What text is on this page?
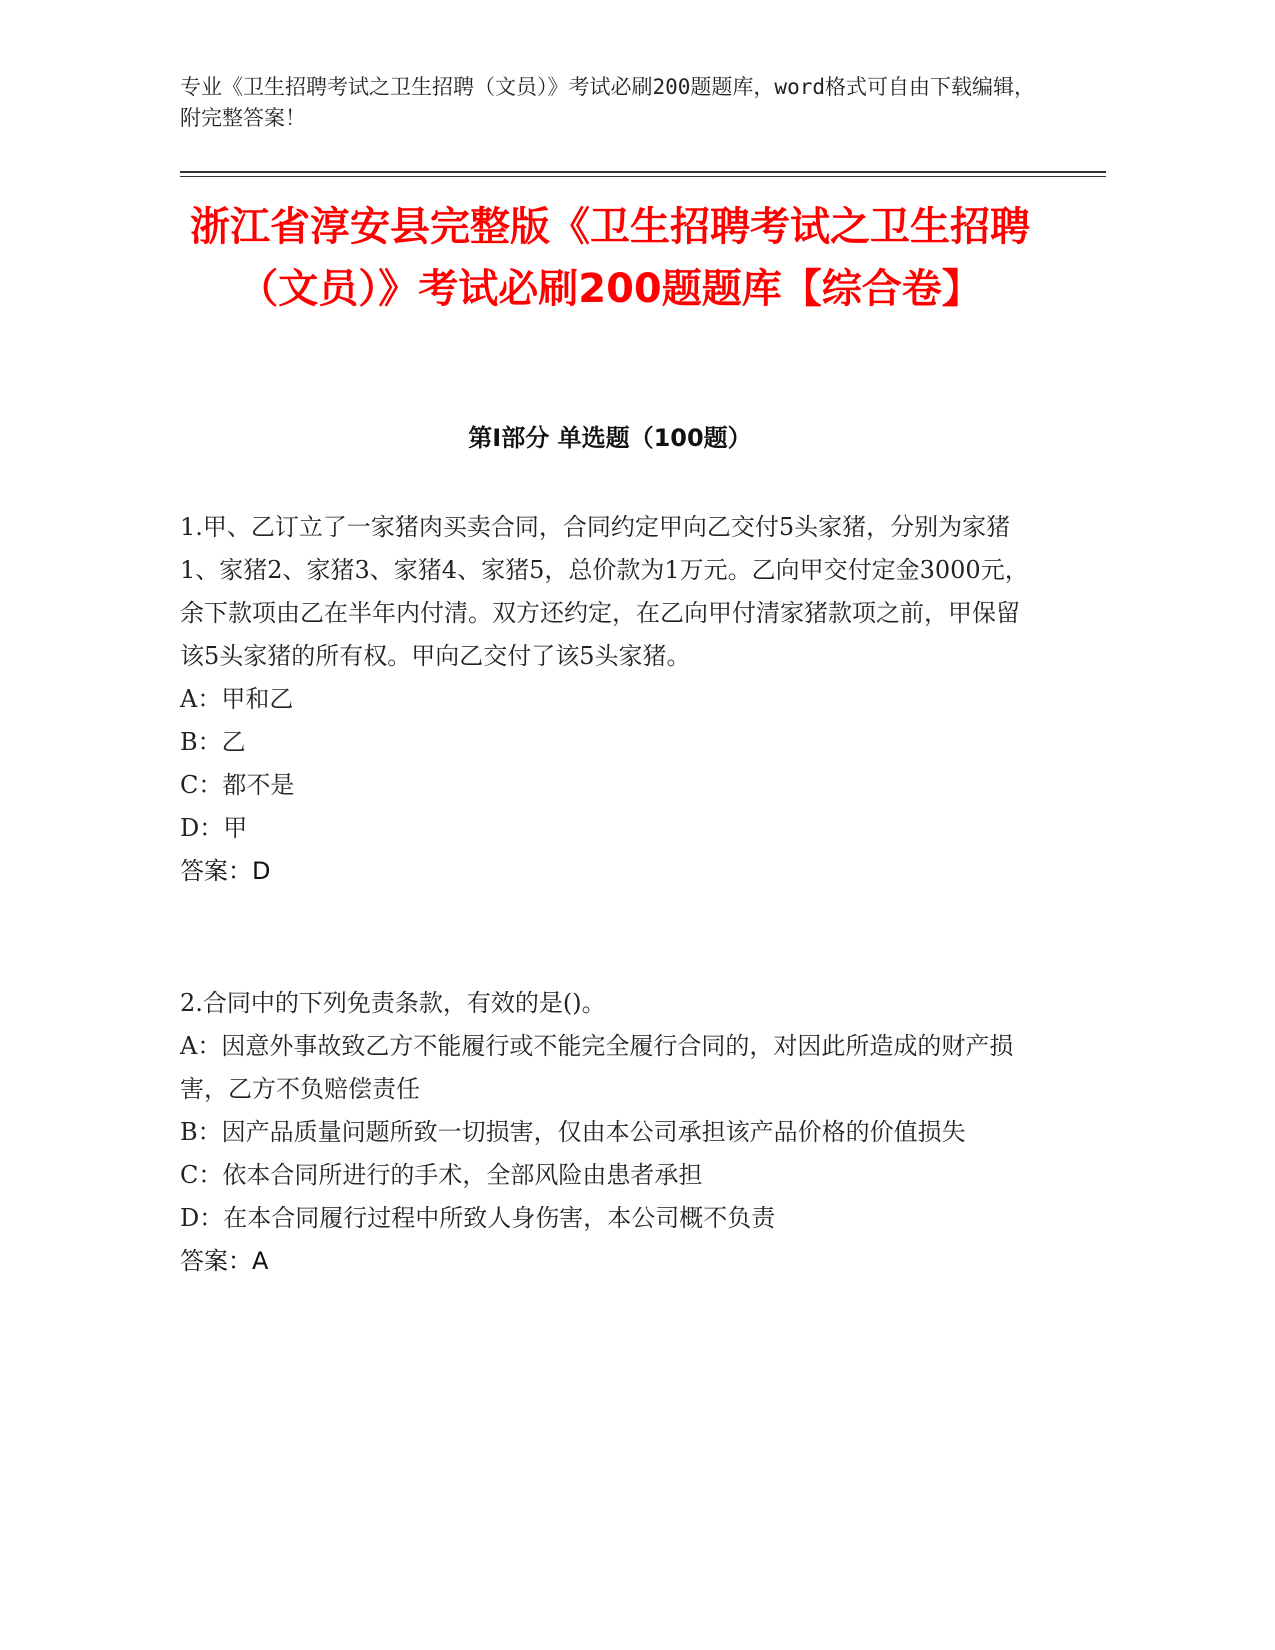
专业《卫生招聘考试之卫生招聘（文员）》考试必刷200题题库，word格式可自由下载编辑，附完整答案！
浙江省淳安县完整版《卫生招聘考试之卫生招聘（文员）》考试必刷200题题库【综合卷】
第Ⅰ部分 单选题（100题）

1.甲、乙订立了一家猪肉买卖合同，合同约定甲向乙交付5头家猪，分别为家猪1、家猪2、家猪3、家猪4、家猪5，总价款为1万元。乙向甲交付定金3000元，余下款项由乙在半年内付清。双方还约定，在乙向甲付清家猪款项之前，甲保留该5头家猪的所有权。甲向乙交付了该5头家猪。

A：甲和乙

B：乙

C：都不是

D：甲

答案：D

2.合同中的下列免责条款，有效的是()。

A：因意外事故致乙方不能履行或不能完全履行合同的，对因此所造成的财产损害，乙方不负赔偿责任

B：因产品质量问题所致一切损害，仅由本公司承担该产品价格的价值损失

C：依本合同所进行的手术，全部风险由患者承担

D：在本合同履行过程中所致人身伤害，本公司概不负责

答案：A
